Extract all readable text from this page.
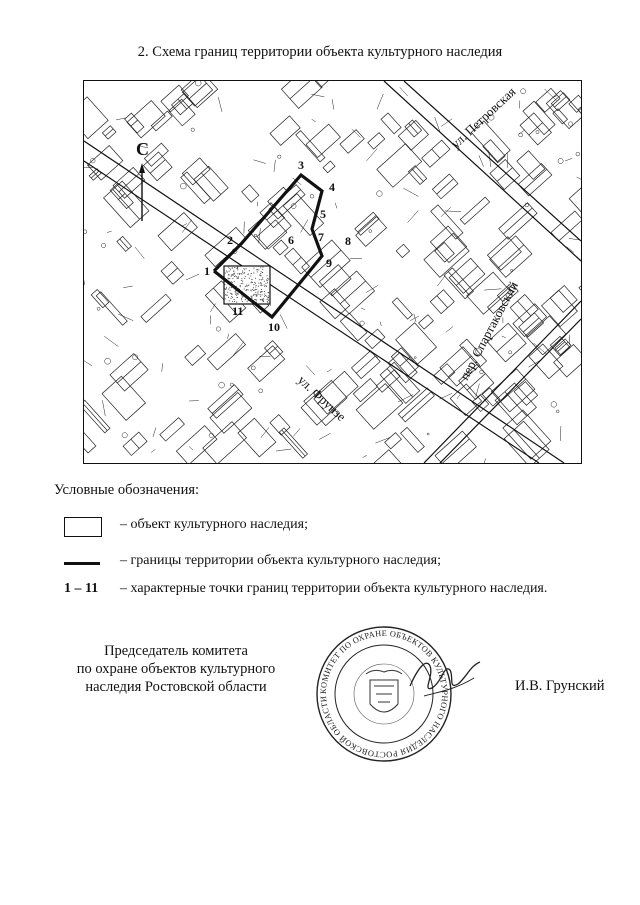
2. Схема границ территории объекта культурного наследия
1
2
3
4
5
6 7 8
9
10
11
С	ул. Петровская
пер. Спартаковский
ул. Фрунзе
Условные обозначения:
– объект культурного наследия;
– границы территории объекта культурного наследия;
1 – 11 – характерные точки границ территории объекта культурного наследия.
Председатель комитета
по охране объектов культурного
наследия Ростовской области	КОМИТЕТ ПО ОХРАНЕ ОБЪЕКТОВ КУЛЬТУРНОГО НАСЛЕДИЯ РОСТОВСКОЙ ОБЛАСТИ
И.В. Грунский
